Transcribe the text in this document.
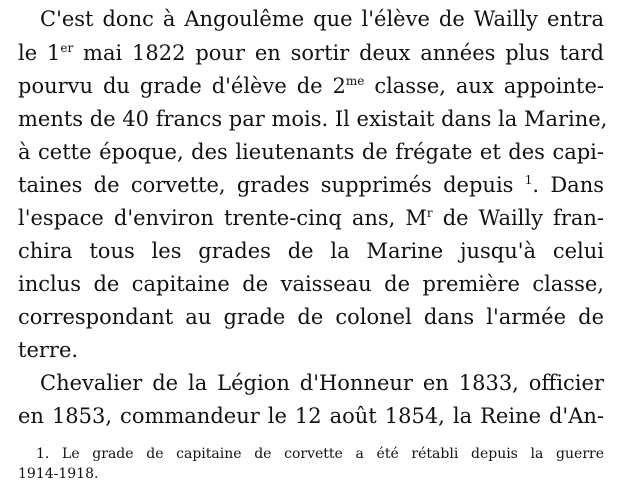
C'est donc à Angoulême que l'élève de Wailly entra
le 1er mai 1822 pour en sortir deux années plus tard
pourvu du grade d'élève de $2^{me}$ classe, aux appointe-
ments de 40 francs par mois. Il existait dans la Marine,
à cette époque, des lieutenants de frégate et des capi-
taines de corvette, grades supprimés depuis $^1$. Dans
l'espace d'environ trente-cinq ans, $M^r$ de Wailly fran-
chira tous les grades de la Marine jusqu'à celui
inclus de capitaine de vaisseau de première classe,
correspondant au grade de colonel dans l'armée de
terre.
Chevalier de la Légion d'Honneur en 1833, officier
en 1853, commandeur le 12 août 1854, la Reine d'An-
1. Le grade de capitaine de corvette a été rétabli depuis la guerre
1914-1918.
